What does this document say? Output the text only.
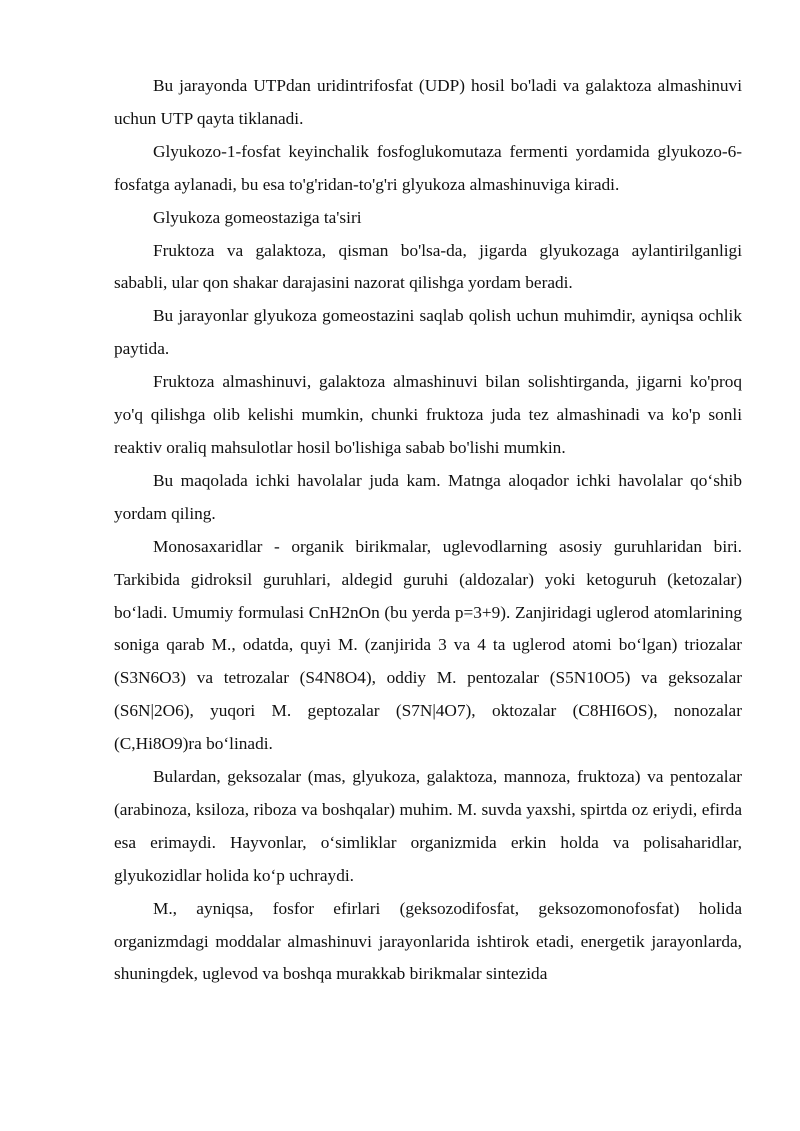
Bu jarayonda UTPdan uridintrifosfat (UDP) hosil bo'ladi va galaktoza almashinuvi uchun UTP qayta tiklanadi.

Glyukozo-1-fosfat keyinchalik fosfoglukomutaza fermenti yordamida glyukozo-6-fosfatga aylanadi, bu esa to'g'ridan-to'g'ri glyukoza almashinuviga kiradi.

Glyukoza gomeostaziga ta'siri

Fruktoza va galaktoza, qisman bo'lsa-da, jigarda glyukozaga aylantirilganligi sababli, ular qon shakar darajasini nazorat qilishga yordam beradi.

Bu jarayonlar glyukoza gomeostazini saqlab qolish uchun muhimdir, ayniqsa ochlik paytida.

Fruktoza almashinuvi, galaktoza almashinuvi bilan solishtirganda, jigarni ko'proq yo'q qilishga olib kelishi mumkin, chunki fruktoza juda tez almashinadi va ko'p sonli reaktiv oraliq mahsulotlar hosil bo'lishiga sabab bo'lishi mumkin.

Bu maqolada ichki havolalar juda kam. Matnga aloqador ichki havolalar qo‘shib yordam qiling.

Monosaxaridlar - organik birikmalar, uglevodlarning asosiy guruhlaridan biri. Tarkibida gidroksil guruhlari, aldegid guruhi (aldozalar) yoki ketoguruh (ketozalar) bo‘ladi. Umumiy formulasi CnH2nOn (bu yerda p=3+9). Zanjiridagi uglerod atomlarining soniga qarab M., odatda, quyi M. (zanjirida 3 va 4 ta uglerod atomi bo‘lgan) triozalar (S3N6O3) va tetrozalar (S4N8O4), oddiy M. pentozalar (S5N10O5) va geksozalar (S6N|2O6), yuqori M. geptozalar (S7N|4O7), oktozalar (C8HI6OS), nonozalar (C,Hi8O9)ra bo‘linadi.

Bulardan, geksozalar (mas, glyukoza, galaktoza, mannoza, fruktoza) va pentozalar (arabinoza, ksiloza, riboza va boshqalar) muhim. M. suvda yaxshi, spirtda oz eriydi, efirda esa erimaydi. Hayvonlar, o‘simliklar organizmida erkin holda va polisaharidlar, glyukozidlar holida ko‘p uchraydi.

M., ayniqsa, fosfor efirlari (geksozodifosfat, geksozomonofosfat) holida organizmdagi moddalar almashinuvi jarayonlarida ishtirok etadi, energetik jarayonlarda, shuningdek, uglevod va boshqa murakkab birikmalar sintezida
